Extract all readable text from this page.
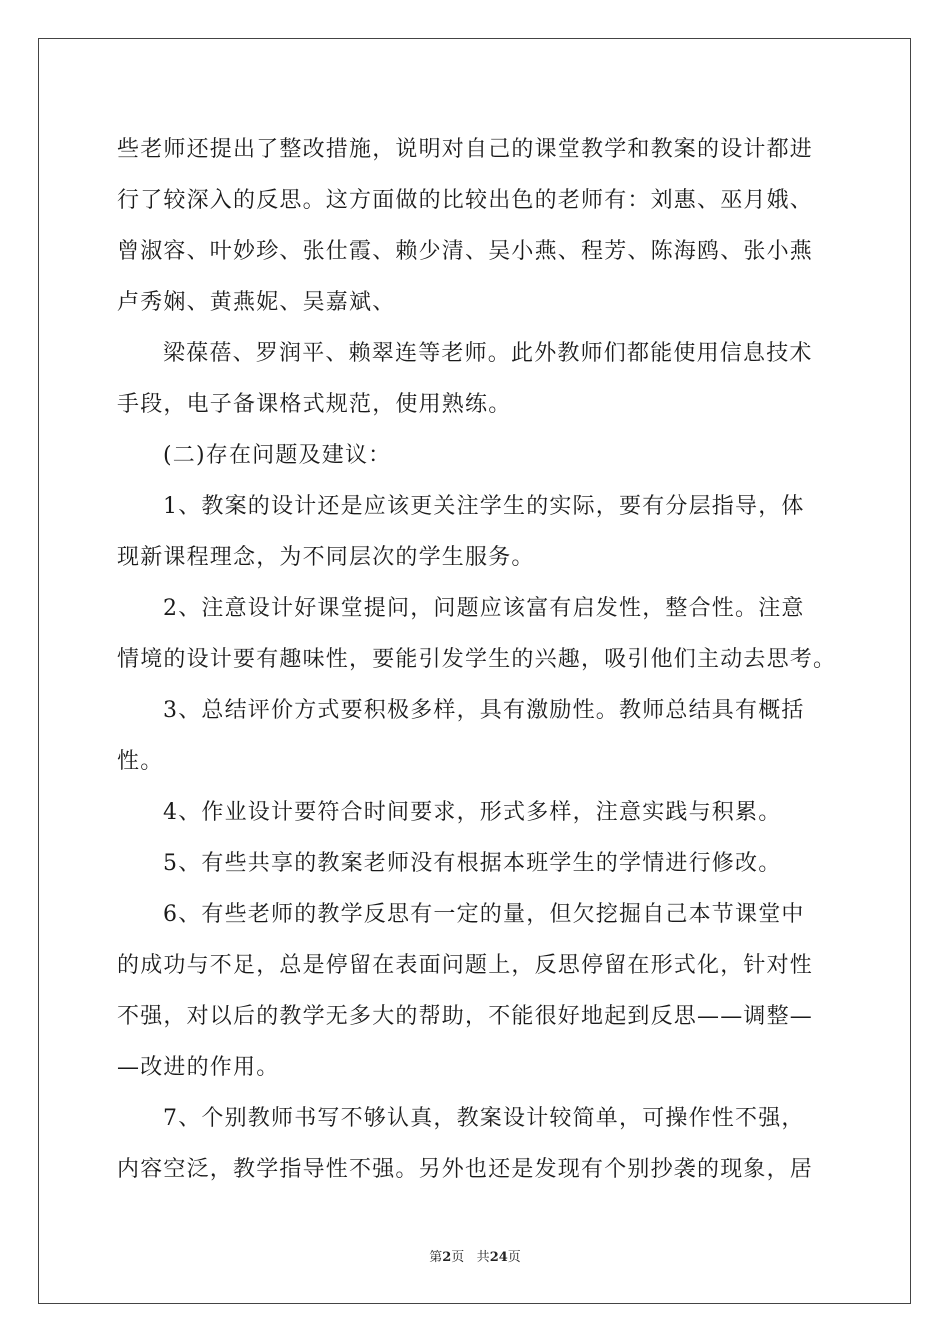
些老师还提出了整改措施，说明对自己的课堂教学和教案的设计都进
行了较深入的反思。这方面做的比较出色的老师有：刘惠、巫月娥、
曾淑容、叶妙珍、张仕霞、赖少清、吴小燕、程芳、陈海鸥、张小燕
卢秀娴、黄燕妮、吴嘉斌、
梁葆蓓、罗润平、赖翠连等老师。此外教师们都能使用信息技术
手段，电子备课格式规范，使用熟练。
(二)存在问题及建议：
1、教案的设计还是应该更关注学生的实际，要有分层指导，体
现新课程理念，为不同层次的学生服务。
2、注意设计好课堂提问，问题应该富有启发性，整合性。注意
情境的设计要有趣味性，要能引发学生的兴趣，吸引他们主动去思考。
3、总结评价方式要积极多样，具有激励性。教师总结具有概括
性。
4、作业设计要符合时间要求，形式多样，注意实践与积累。
5、有些共享的教案老师没有根据本班学生的学情进行修改。
6、有些老师的教学反思有一定的量，但欠挖掘自己本节课堂中
的成功与不足，总是停留在表面问题上，反思停留在形式化，针对性
不强，对以后的教学无多大的帮助，不能很好地起到反思——调整—
—改进的作用。
7、个别教师书写不够认真，教案设计较简单，可操作性不强，
内容空泛，教学指导性不强。另外也还是发现有个别抄袭的现象，居
第2页 共24页
